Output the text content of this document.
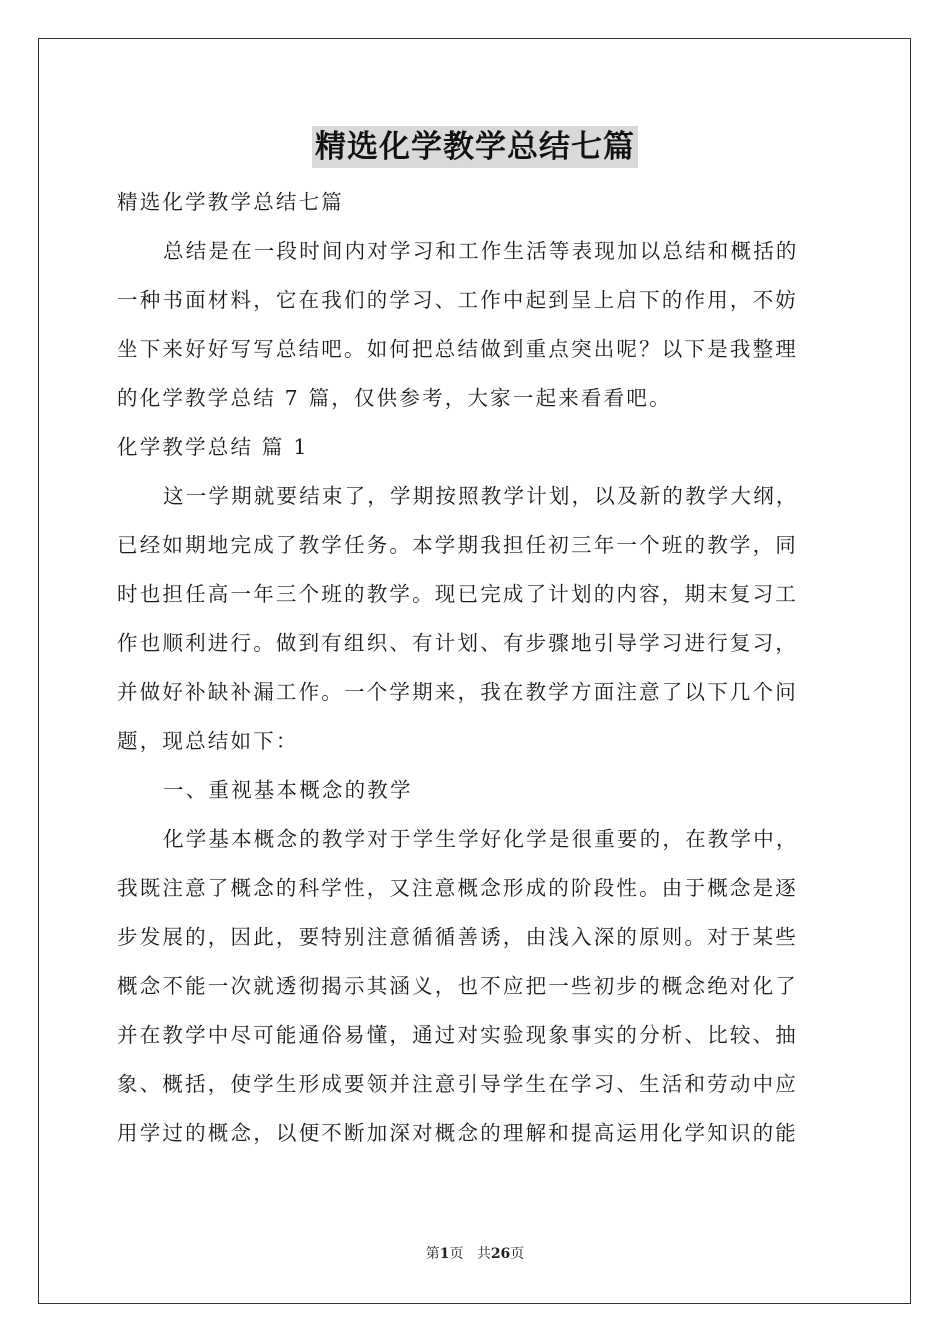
精选化学教学总结七篇
精选化学教学总结七篇
总结是在一段时间内对学习和工作生活等表现加以总结和概括的
一种书面材料，它在我们的学习、工作中起到呈上启下的作用，不妨
坐下来好好写写总结吧。如何把总结做到重点突出呢？以下是我整理
的化学教学总结 7 篇，仅供参考，大家一起来看看吧。
化学教学总结 篇 1
这一学期就要结束了，学期按照教学计划，以及新的教学大纲，
已经如期地完成了教学任务。本学期我担任初三年一个班的教学，同
时也担任高一年三个班的教学。现已完成了计划的内容，期末复习工
作也顺利进行。做到有组织、有计划、有步骤地引导学习进行复习，
并做好补缺补漏工作。一个学期来，我在教学方面注意了以下几个问
题，现总结如下：
一、重视基本概念的教学
化学基本概念的教学对于学生学好化学是很重要的，在教学中，
我既注意了概念的科学性，又注意概念形成的阶段性。由于概念是逐
步发展的，因此，要特别注意循循善诱，由浅入深的原则。对于某些
概念不能一次就透彻揭示其涵义，也不应把一些初步的概念绝对化了
并在教学中尽可能通俗易懂，通过对实验现象事实的分析、比较、抽
象、概括，使学生形成要领并注意引导学生在学习、生活和劳动中应
用学过的概念，以便不断加深对概念的理解和提高运用化学知识的能
第1页 共26页
